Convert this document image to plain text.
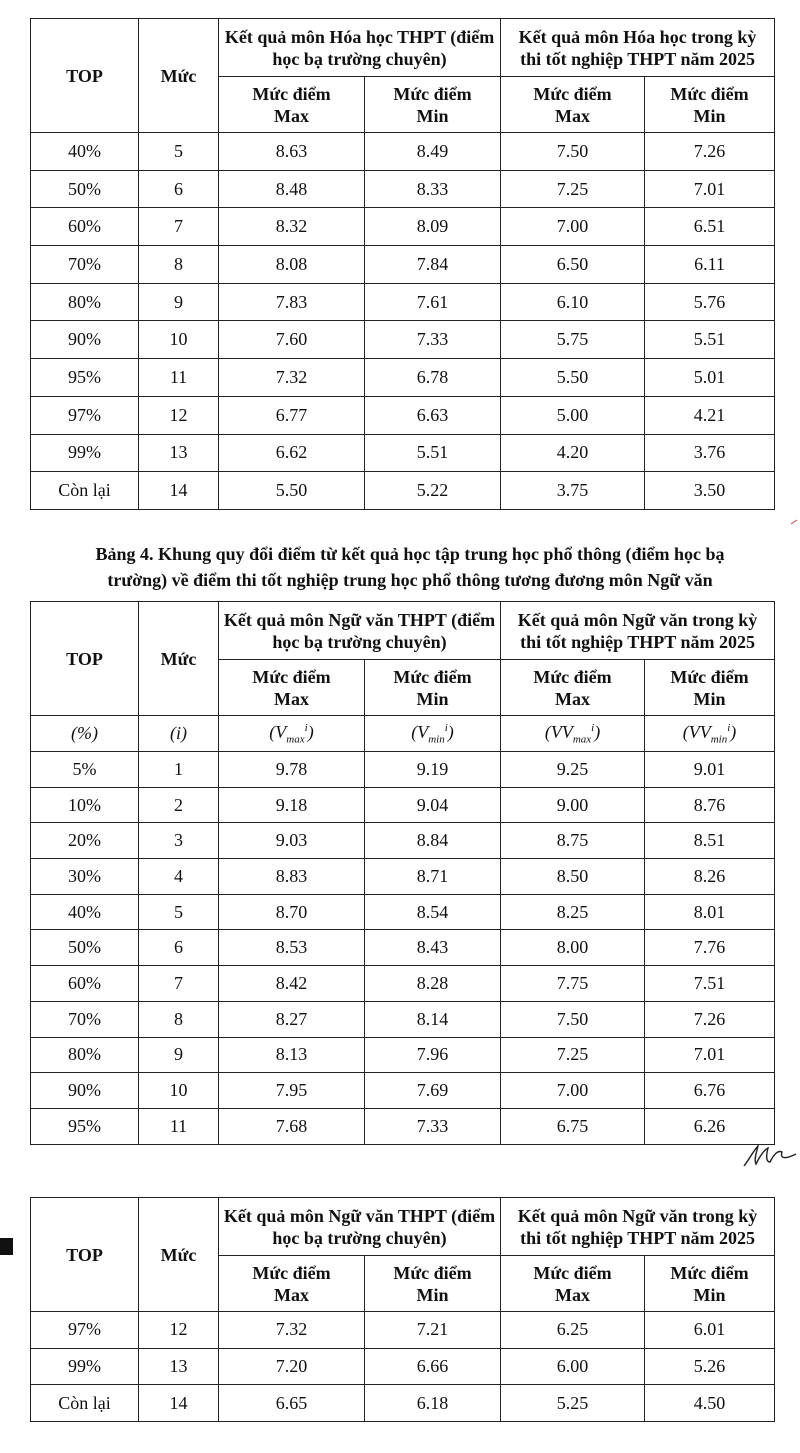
TOP	Mức	Kết quả môn Hóa học THPT (điểm học bạ trường chuyên)		Kết quả môn Hóa học trong kỳ thi tốt nghiệp THPT năm 2025	
		Mức điểm Max	Mức điểm Min	Mức điểm Max	Mức điểm Min
40%	5	8.63	8.49	7.50	7.26
50%	6	8.48	8.33	7.25	7.01
60%	7	8.32	8.09	7.00	6.51
70%	8	8.08	7.84	6.50	6.11
80%	9	7.83	7.61	6.10	5.76
90%	10	7.60	7.33	5.75	5.51
95%	11	7.32	6.78	5.50	5.01
97%	12	6.77	6.63	5.00	4.21
99%	13	6.62	5.51	4.20	3.76
Còn lại	14	5.50	5.22	3.75	3.50
Bảng 4. Khung quy đổi điểm từ kết quả học tập trung học phổ thông (điểm học bạ
trường) về điểm thi tốt nghiệp trung học phổ thông tương đương môn Ngữ văn
TOP	Mức	Kết quả môn Ngữ văn THPT (điểm học bạ trường chuyên)		Kết quả môn Ngữ văn trong kỳ thi tốt nghiệp THPT năm 2025	
		Mức điểm Max	Mức điểm Min	Mức điểm Max	Mức điểm Min
(%)	(i)	$(V_{max}^i)$	$(V_{min}^i)$	$(VV_{max}^i)$	$(VV_{min}^i)$
5%	1	9.78	9.19	9.25	9.01
10%	2	9.18	9.04	9.00	8.76
20%	3	9.03	8.84	8.75	8.51
30%	4	8.83	8.71	8.50	8.26
40%	5	8.70	8.54	8.25	8.01
50%	6	8.53	8.43	8.00	7.76
60%	7	8.42	8.28	7.75	7.51
70%	8	8.27	8.14	7.50	7.26
80%	9	8.13	7.96	7.25	7.01
90%	10	7.95	7.69	7.00	6.76
95%	11	7.68	7.33	6.75	6.26
TOP	Mức	Kết quả môn Ngữ văn THPT (điểm học bạ trường chuyên)		Kết quả môn Ngữ văn trong kỳ thi tốt nghiệp THPT năm 2025	
		Mức điểm Max	Mức điểm Min	Mức điểm Max	Mức điểm Min
97%	12	7.32	7.21	6.25	6.01
99%	13	7.20	6.66	6.00	5.26
Còn lại	14	6.65	6.18	5.25	4.50
